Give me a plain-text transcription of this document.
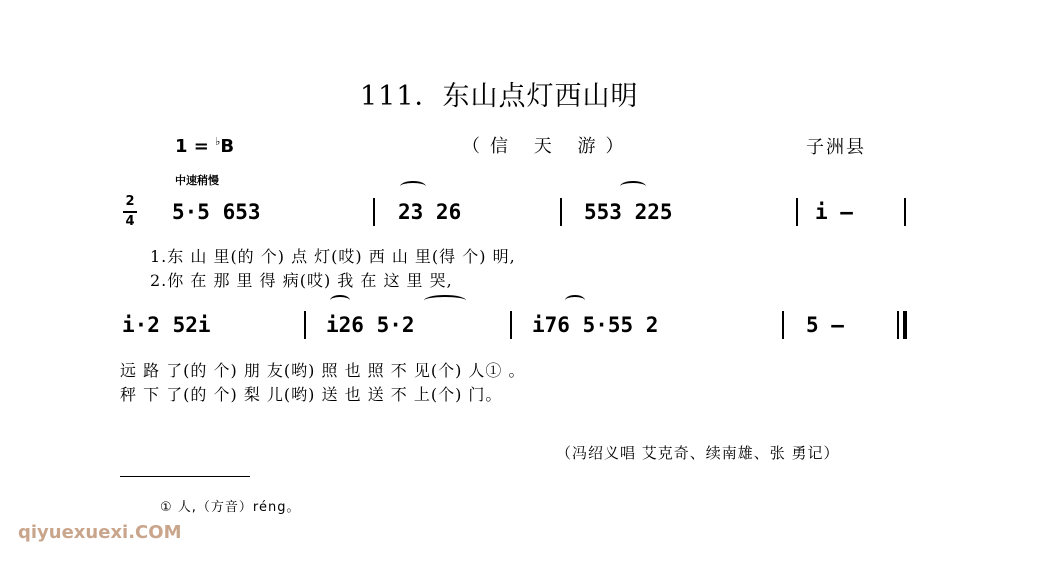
111．东山点灯西山明
1 = ♭B	（信 天 游）	子洲县
中速稍慢
2
4 5·5 653	23 26	553 225	i –
1.东 山 里(的 个) 点 灯(哎) 西 山 里(得 个) 明,
2.你 在 那 里 得 病(哎) 我 在 这 里 哭,
i·2 52i	i26 5·2	i76 5·55 2	5 –
远 路 了(的 个) 朋 友(哟) 照 也 照 不 见(个) 人① 。
秤 下 了(的 个) 梨 儿(哟) 送 也 送 不 上(个) 门。
（冯绍义唱 艾克奇、续南雄、张 勇记）
① 人,（方音）réng。
qiyuexuexi.COM
